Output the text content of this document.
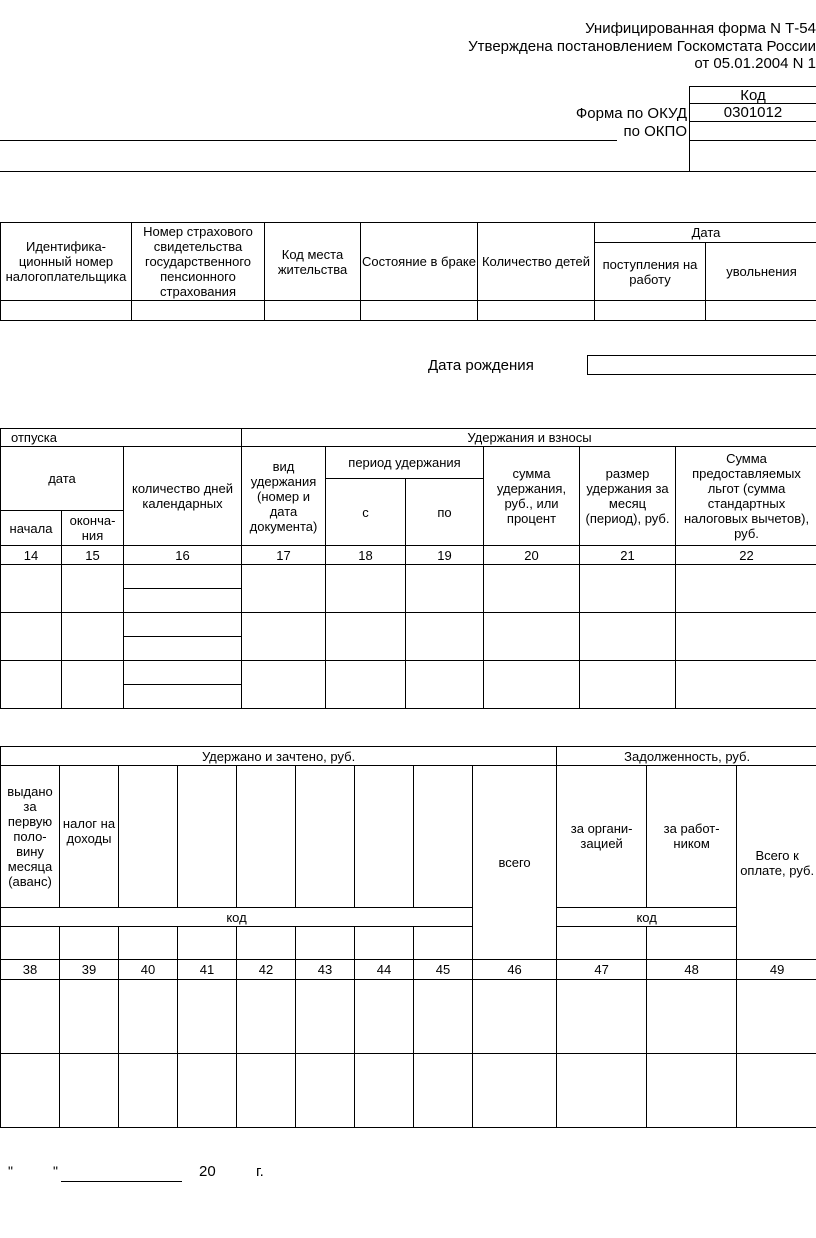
Унифицированная форма N Т-54
Утверждена постановлением Госкомстата России
от 05.01.2004 N 1
Код
0301012
Форма по ОКУД
по ОКПО
Идентифика-ционный номер налогоплательщика	Номер страхового свидетельства государственного пенсионного страхования	Код места жительства	Состояние в браке	Количество детей	Дата	
					поступления на работу	увольнения

Дата рождения
отпуска			Удержания и взносы					
дата		количество дней календарных	вид удержания (номер и дата документа)	период удержания		сумма удержания, руб., или процент	размер удержания за месяц (период), руб.	Сумма предоставляемых льгот (сумма стандартных налоговых вычетов), руб.
				с	по			
начала	оконча-ния							
14	15	16	17	18	19	20	21	22

Удержано и зачтено, руб.									Задолженность, руб.		
выдано за первую поло-вину месяца (аванс)	налог на доходы							всего	за органи-зацией	за работ-ником	Всего к оплате, руб.
код									код		

38	39	40	41	42	43	44	45	46	47	48	49

"	"	20	г.
